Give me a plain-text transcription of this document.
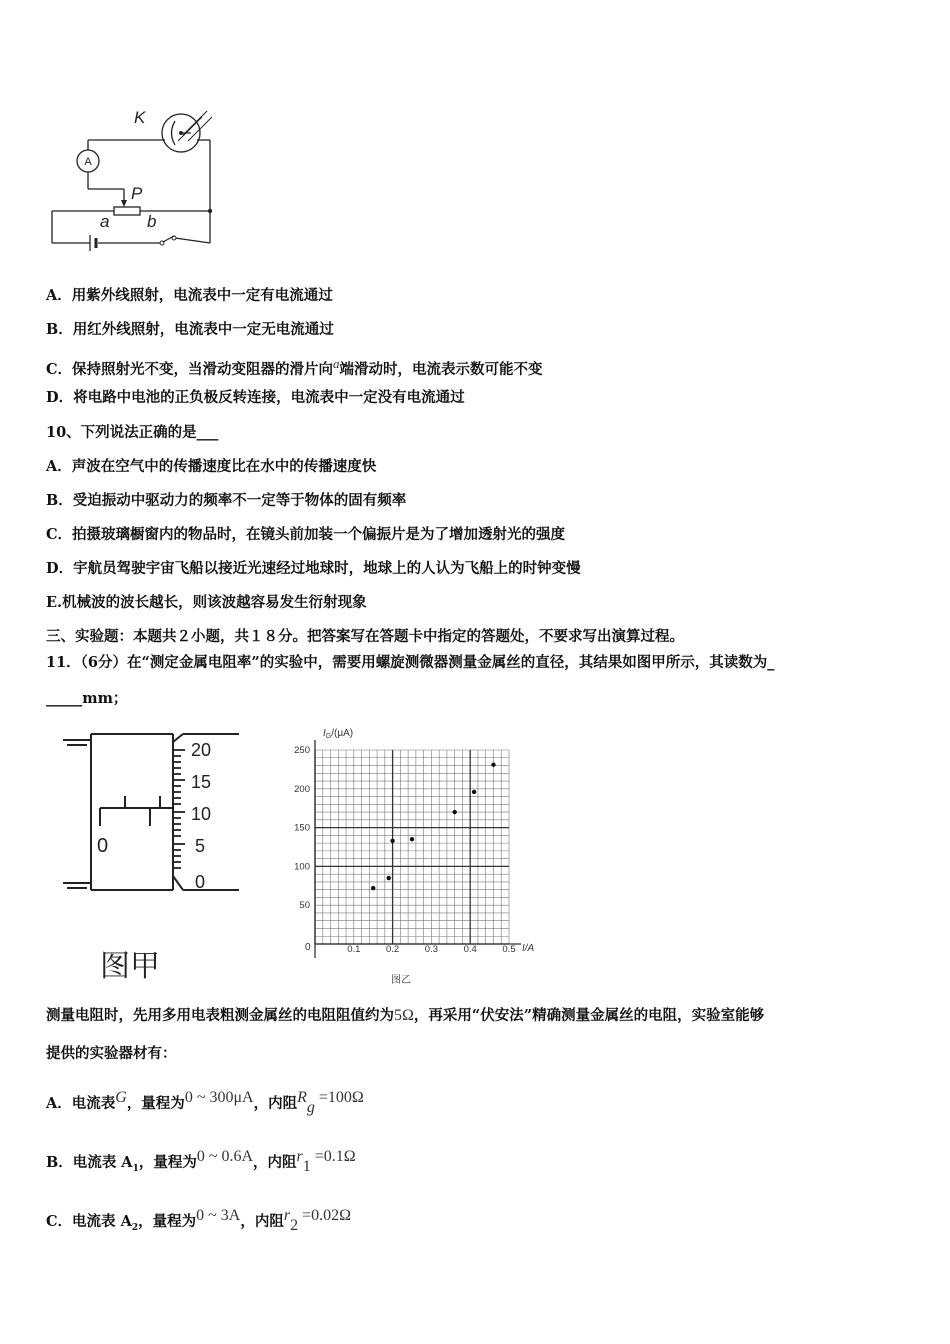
A
K
P
a b
A．用紫外线照射，电流表中一定有电流通过
B．用红外线照射，电流表中一定无电流通过
C．保持照射光不变，当滑动变阻器的滑片向a端滑动时，电流表示数可能不变
D．将电路中电池的正负极反转连接，电流表中一定没有电流通过
10、下列说法正确的是___
A．声波在空气中的传播速度比在水中的传播速度快
B．受迫振动中驱动力的频率不一定等于物体的固有频率
C．拍摄玻璃橱窗内的物品时，在镜头前加装一个偏振片是为了增加透射光的强度
D．宇航员驾驶宇宙飞船以接近光速经过地球时，地球上的人认为飞船上的时钟变慢
E.机械波的波长越长，则该波越容易发生衍射现象
三、实验题：本题共２小题，共１８分。把答案写在答题卡中指定的答题处，不要求写出演算过程。
11．（6分）在“测定金属电阻率”的实验中，需要用螺旋测微器测量金属丝的直径，其结果如图甲所示，其读数为_
_____mm；
20
15
10
5
0
0
图甲
0.1	0.2	0.3	0.4	0.5
50
100
150
200
250
$I_G/(\mu A)$
I/A
0
图乙
测量电阻时，先用多用电表粗测金属丝的电阻阻值约为5Ω，再采用“伏安法”精确测量金属丝的电阻，实验室能够
提供的实验器材有：
A．电流表G，量程为0 ~ 300μA，内阻$R_g =100\Omega$
B．电流表 $A_1$，量程为0 ~ 0.6A，内阻$r_1 =0.1\Omega$
C．电流表 $A_2$，量程为0 ~ 3A，内阻$r_2 =0.02\Omega$
